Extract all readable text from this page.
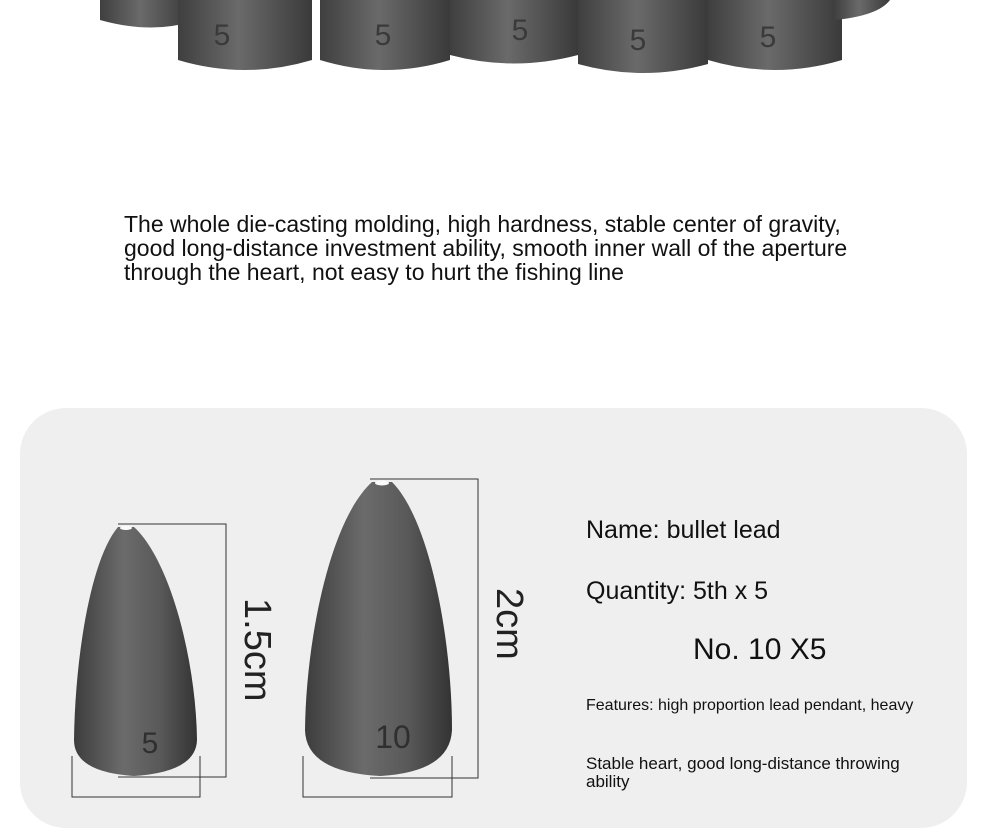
5	5	5	5	5
The whole die-casting molding, high hardness, stable center of gravity, good long-distance investment ability, smooth inner wall of the aperture through the heart, not easy to hurt the fishing line
5	10
1.5cm	2cm
Name: bullet lead
Quantity: 5th x 5
No. 10 X5
Features: high proportion lead pendant, heavy
Stable heart, good long-distance throwing ability
